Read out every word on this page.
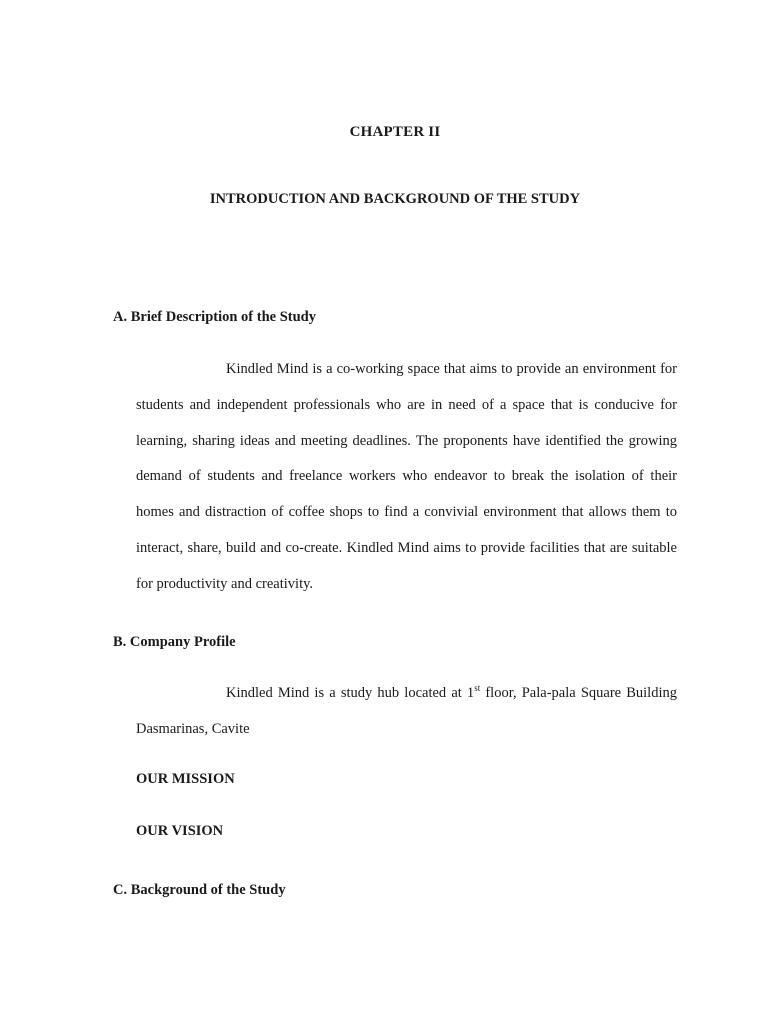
CHAPTER II
INTRODUCTION AND BACKGROUND OF THE STUDY
A. Brief Description of the Study

Kindled Mind is a co-working space that aims to provide an environment for students and independent professionals who are in need of a space that is conducive for learning, sharing ideas and meeting deadlines. The proponents have identified the growing demand of students and freelance workers who endeavor to break the isolation of their homes and distraction of coffee shops to find a convivial environment that allows them to interact, share, build and co-create. Kindled Mind aims to provide facilities that are suitable for productivity and creativity.

B. Company Profile

Kindled Mind is a study hub located at 1st floor, Pala-pala Square Building Dasmarinas, Cavite

OUR MISSION
OUR VISION
C. Background of the Study
